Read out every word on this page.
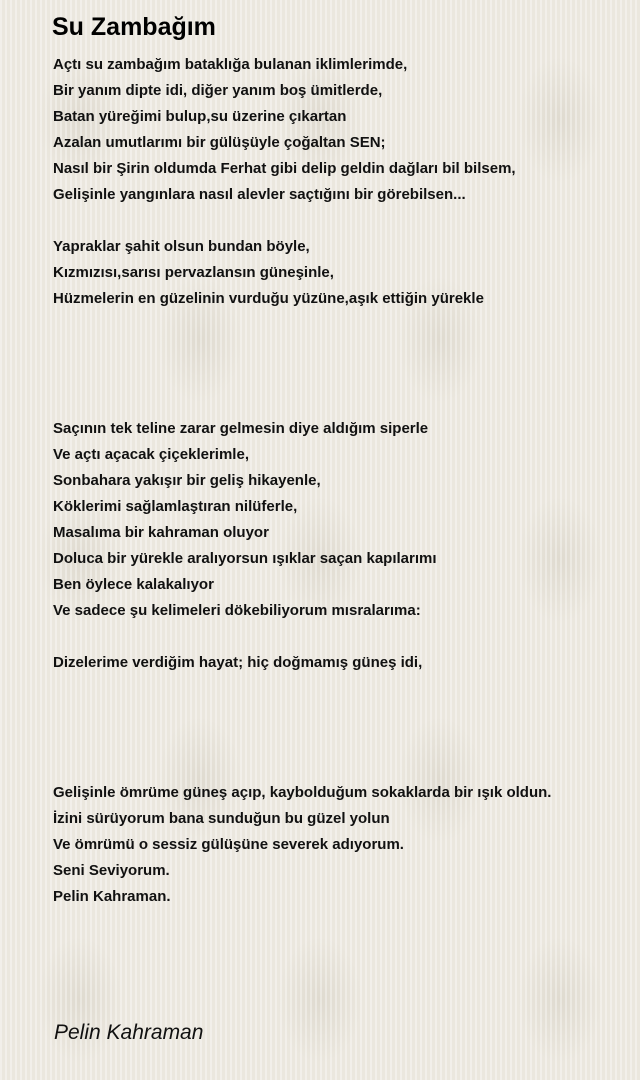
Su Zambağım
Açtı su zambağım bataklığa bulanan iklimlerimde,
Bir yanım dipte idi, diğer yanım boş ümitlerde,
Batan yüreğimi bulup,su üzerine çıkartan
Azalan umutlarımı bir gülüşüyle çoğaltan SEN;
Nasıl bir Şirin oldumda Ferhat gibi delip geldin dağları bil bilsem,
Gelişinle yangınlara nasıl alevler saçtığını bir görebilsen...
Yapraklar şahit olsun bundan böyle,
Kızmızısı,sarısı pervazlansın güneşinle,
Hüzmelerin en güzelinin vurduğu yüzüne,aşık ettiğin yürekle
Saçının tek teline zarar gelmesin diye aldığım siperle
Ve açtı açacak çiçeklerimle,
Sonbahara yakışır bir geliş hikayenle,
Köklerimi sağlamlaştıran nilüferle,
Masalıma bir kahraman oluyor
Doluca bir yürekle aralıyorsun ışıklar saçan kapılarımı
Ben öylece kalakalıyor
Ve sadece şu kelimeleri dökebiliyorum mısralarıma:
Dizelerime verdiğim hayat; hiç doğmamış güneş idi,
Gelişinle ömrüme güneş açıp, kaybolduğum sokaklarda bir ışık oldun.
İzini sürüyorum bana sunduğun bu güzel yolun
Ve ömrümü o sessiz gülüşüne severek adıyorum.
Seni Seviyorum.
Pelin Kahraman.
Pelin Kahraman
